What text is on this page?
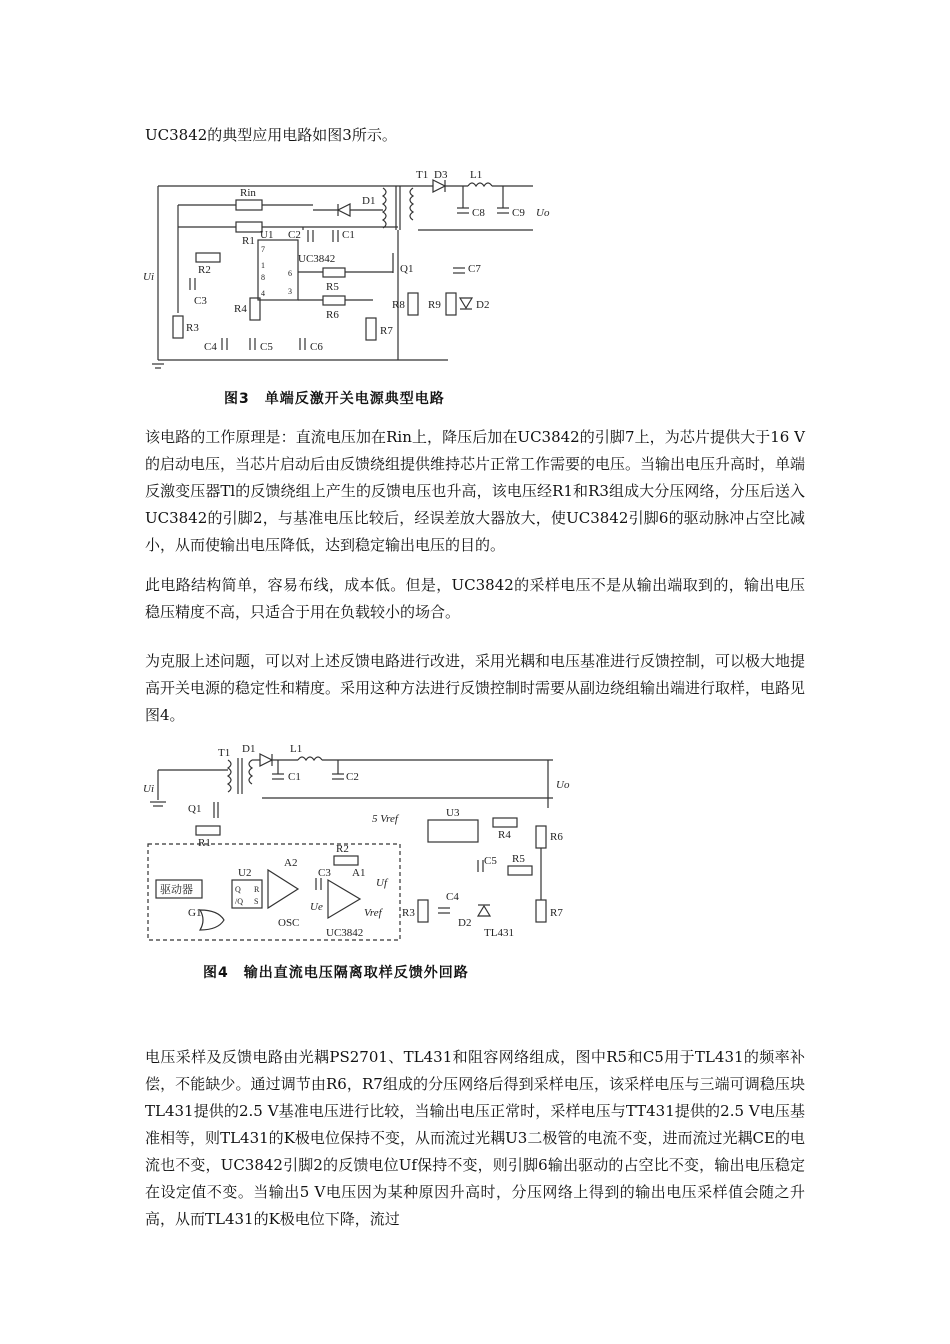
UC3842的典型应用电路如图3所示。

Ui
Uo
T1 D3 L1
C8 C9
Rin
R1
D1
C2	C1
U1
UC3842
7
1
8
4
6
3
R2
C3
R3
R4
R5
R6
R7
R8 R9	D2
Q1	C7
C4	C5	C6
图3　单端反激开关电源典型电路

该电路的工作原理是：直流电压加在Rin上，降压后加在UC3842的引脚7上，为芯片提供大于16 V的启动电压，当芯片启动后由反馈绕组提供维持芯片正常工作需要的电压。当输出电压升高时，单端反激变压器Tl的反馈绕组上产生的反馈电压也升高，该电压经R1和R3组成大分压网络，分压后送入UC3842的引脚2，与基准电压比较后，经误差放大器放大，使UC3842引脚6的驱动脉冲占空比减小，从而使输出电压降低，达到稳定输出电压的目的。

此电路结构简单，容易布线，成本低。但是，UC3842的采样电压不是从输出端取到的，输出电压稳压精度不高，只适合于用在负载较小的场合。

为克服上述问题，可以对上述反馈电路进行改进，采用光耦和电压基准进行反馈控制，可以极大地提高开关电源的稳定性和精度。采用这种方法进行反馈控制时需要从副边绕组输出端进行取样，电路见图4。

Ui	Uo
T1 D1	L1
C1	C2
Q1
R1
5 Vref	U3
R4	R6
R2
U2
A2
A1
C3
Uf
驱动器	Q
/Q
R
S
G1
OSC
UC3842
Ue	Vref R3
C4
D2
TL431
C5 R5
R7
图4　输出直流电压隔离取样反馈外回路

电压采样及反馈电路由光耦PS2701、TL431和阻容网络组成，图中R5和C5用于TL431的频率补偿，不能缺少。通过调节由R6，R7组成的分压网络后得到采样电压，该采样电压与三端可调稳压块TL431提供的2.5 V基准电压进行比较，当输出电压正常时，采样电压与TT431提供的2.5 V电压基准相等，则TL431的K极电位保持不变，从而流过光耦U3二极管的电流不变，进而流过光耦CE的电流也不变，UC3842引脚2的反馈电位Uf保持不变，则引脚6输出驱动的占空比不变，输出电压稳定在设定值不变。当输出5 V电压因为某种原因升高时，分压网络上得到的输出电压采样值会随之升高，从而TL431的K极电位下降，流过
